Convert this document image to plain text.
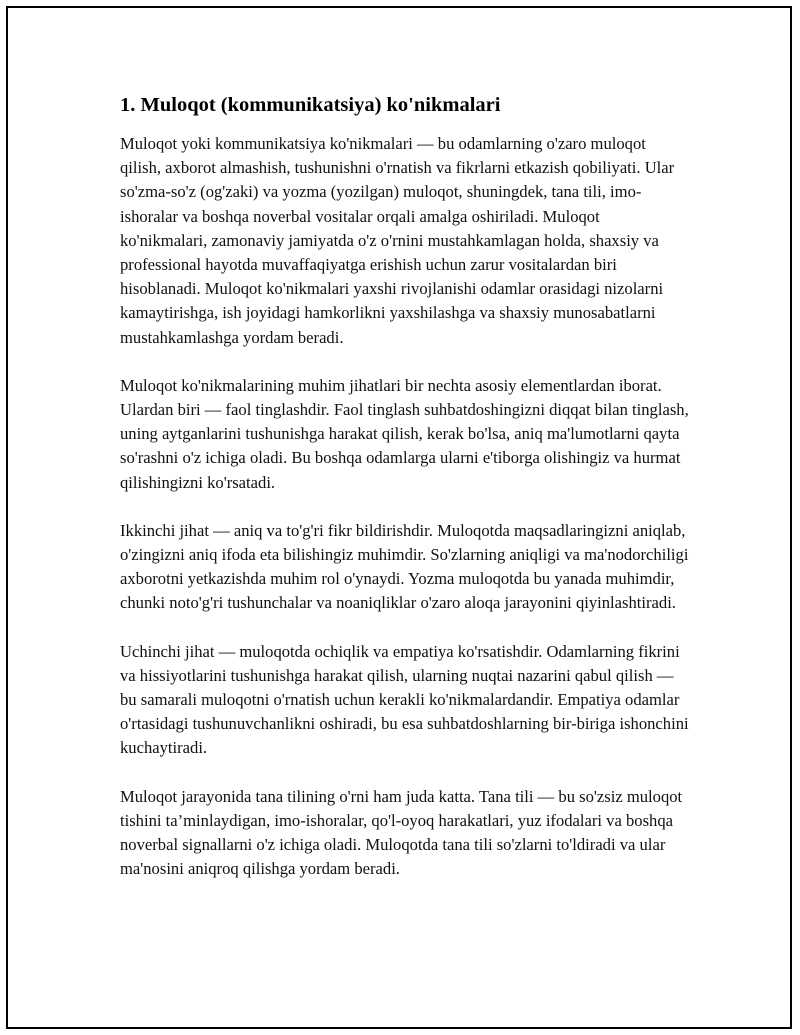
1. Muloqot (kommunikatsiya) ko'nikmalari

Muloqot yoki kommunikatsiya ko'nikmalari — bu odamlarning o'zaro muloqot qilish, axborot almashish, tushunishni o'rnatish va fikrlarni etkazish qobiliyati. Ular so'zma-so'z (og'zaki) va yozma (yozilgan) muloqot, shuningdek, tana tili, imo-ishoralar va boshqa noverbal vositalar orqali amalga oshiriladi. Muloqot ko'nikmalari, zamonaviy jamiyatda o'z o'rnini mustahkamlagan holda, shaxsiy va professional hayotda muvaffaqiyatga erishish uchun zarur vositalardan biri hisoblanadi. Muloqot ko'nikmalari yaxshi rivojlanishi odamlar orasidagi nizolarni kamaytirishga, ish joyidagi hamkorlikni yaxshilashga va shaxsiy munosabatlarni mustahkamlashga yordam beradi.

Muloqot ko'nikmalarining muhim jihatlari bir nechta asosiy elementlardan iborat. Ulardan biri — faol tinglashdir. Faol tinglash suhbatdoshingizni diqqat bilan tinglash, uning aytganlarini tushunishga harakat qilish, kerak bo'lsa, aniq ma'lumotlarni qayta so'rashni o'z ichiga oladi. Bu boshqa odamlarga ularni e'tiborga olishingiz va hurmat qilishingizni ko'rsatadi.

Ikkinchi jihat — aniq va to'g'ri fikr bildirishdir. Muloqotda maqsadlaringizni aniqlab, o'zingizni aniq ifoda eta bilishingiz muhimdir. So'zlarning aniqligi va ma'nodorchiligi axborotni yetkazishda muhim rol o'ynaydi. Yozma muloqotda bu yanada muhimdir, chunki noto'g'ri tushunchalar va noaniqliklar o'zaro aloqa jarayonini qiyinlashtiradi.

Uchinchi jihat — muloqotda ochiqlik va empatiya ko'rsatishdir. Odamlarning fikrini va hissiyotlarini tushunishga harakat qilish, ularning nuqtai nazarini qabul qilish — bu samarali muloqotni o'rnatish uchun kerakli ko'nikmalardandir. Empatiya odamlar o'rtasidagi tushunuvchanlikni oshiradi, bu esa suhbatdoshlarning bir-biriga ishonchini kuchaytiradi.

Muloqot jarayonida tana tilining o'rni ham juda katta. Tana tili — bu so'zsiz muloqot tishini ta’minlaydigan, imo-ishoralar, qo'l-oyoq harakatlari, yuz ifodalari va boshqa noverbal signallarni o'z ichiga oladi. Muloqotda tana tili so'zlarni to'ldiradi va ular ma'nosini aniqroq qilishga yordam beradi.
